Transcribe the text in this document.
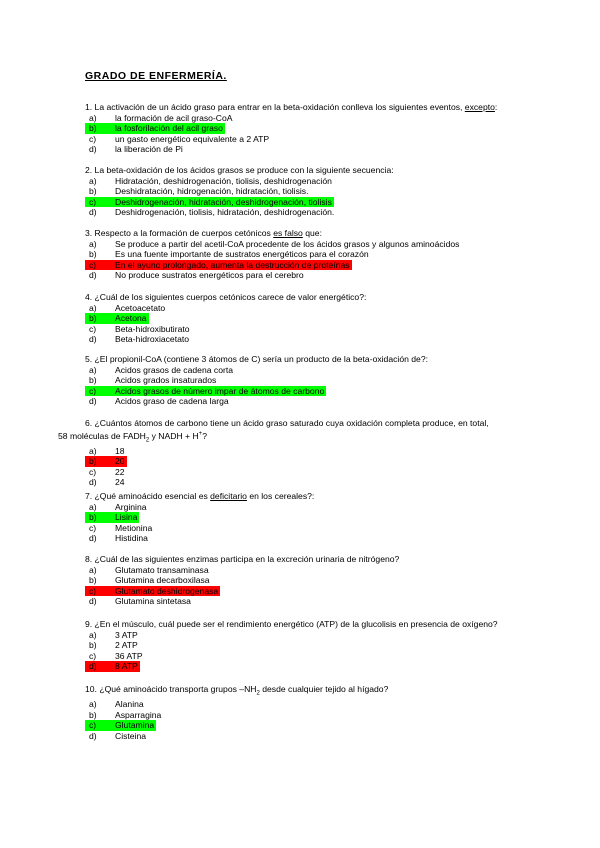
GRADO DE ENFERMERÍA.
1. La activación de un ácido graso para entrar en la beta-oxidación conlleva los siguientes eventos, excepto:
a) la formación de acil graso-CoA
b) la fosforilación del acil graso
c) un gasto energético equivalente a 2 ATP
d) la liberación de Pi
2. La beta-oxidación de los ácidos grasos se produce con la siguiente secuencia:
a) Hidratación, deshidrogenación, tiolisis, deshidrogenación
b) Deshidratación, hidrogenación, hidratación, tiolisis.
c) Deshidrogenación, hidratación, deshidrogenación, tiolisis
d) Deshidrogenación, tiolisis, hidratación, deshidrogenación.
3. Respecto a la formación de cuerpos cetónicos es falso que:
a) Se produce a partir del acetil-CoA procedente de los ácidos grasos y algunos aminoácidos
b) Es una fuente importante de sustratos energéticos para el corazón
c) En el ayuno prolongado, aumenta la destrucción de proteínas
d) No produce sustratos energéticos para el cerebro
4. ¿Cuál de los siguientes cuerpos cetónicos carece de valor energético?:
a) Acetoacetato
b) Acetona
c) Beta-hidroxibutirato
d) Beta-hidroxiacetato
5. ¿El propionil-CoA (contiene 3 átomos de C) sería un producto de la beta-oxidación de?:
a) Acidos grasos de cadena corta
b) Acidos grados insaturados
c) Acidos grasos de número impar de átomos de carbono
d) Acidos graso de cadena larga
6. ¿Cuántos átomos de carbono tiene un ácido graso saturado cuya oxidación completa produce, en total,
58 moléculas de $FADH_2$ y NADH + H+?
a) 18
b) 20
c) 22
d) 24
7. ¿Qué aminoácido esencial es deficitario en los cereales?:
a) Arginina
b) Lisina
c) Metionina
d) Histidina
8. ¿Cuál de las siguientes enzimas participa en la excreción urinaria de nitrógeno?
a) Glutamato transaminasa
b) Glutamina decarboxilasa
c) Glutamato deshidrogenasa
d) Glutamina sintetasa
9. ¿En el músculo, cuál puede ser el rendimiento energético (ATP) de la glucolisis en presencia de oxígeno?
a) 3 ATP
b) 2 ATP
c) 36 ATP
d) 8 ATP
10. ¿Qué aminoácido transporta grupos $-NH_2$ desde cualquier tejido al hígado?
a) Alanina
b) Asparragina
c) Glutamina
d) Cisteina
